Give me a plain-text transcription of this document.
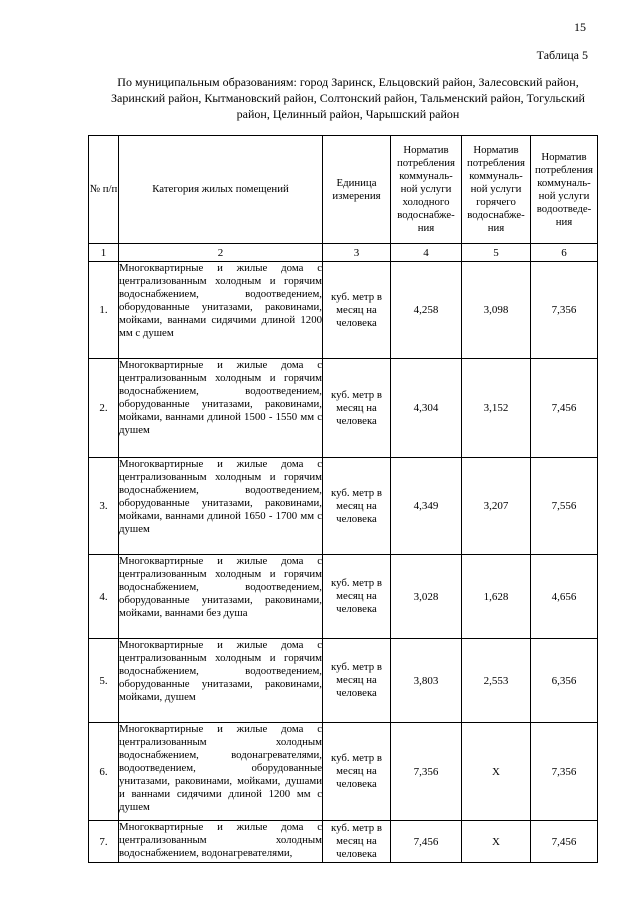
15
Таблица 5
По муниципальным образованиям: город Заринск, Ельцовский район, Залесовский район, Заринский район, Кытмановский район, Солтонский район, Тальменский район, Тогульский район, Целинный район, Чарышский район
№ п/п	Категория жилых помещений	Единица измерения	Норматив потребления коммуналь-ной услуги холодного водоснабже-ния	Норматив потребления коммуналь-ной услуги горячего водоснабже-ния	Норматив потребления коммуналь-ной услуги водоотведе-ния
1	2	3	4	5	6
1.	Многоквартирные и жилые дома с централизованным холодным и горячим водоснабжением, водоотведением, оборудованные унитазами, раковинами, мойками, ваннами сидячими длиной 1200 мм с душем	куб. метр в месяц на человека	4,258	3,098	7,356
2.	Многоквартирные и жилые дома с централизованным холодным и горячим водоснабжением, водоотведением, оборудованные унитазами, раковинами, мойками, ваннами длиной 1500 - 1550 мм с душем	куб. метр в месяц на человека	4,304	3,152	7,456
3.	Многоквартирные и жилые дома с централизованным холодным и горячим водоснабжением, водоотведением, оборудованные унитазами, раковинами, мойками, ваннами длиной 1650 - 1700 мм с душем	куб. метр в месяц на человека	4,349	3,207	7,556
4.	Многоквартирные и жилые дома с централизованным холодным и горячим водоснабжением, водоотведением, оборудованные унитазами, раковинами, мойками, ваннами без душа	куб. метр в месяц на человека	3,028	1,628	4,656
5.	Многоквартирные и жилые дома с централизованным холодным и горячим водоснабжением, водоотведением, оборудованные унитазами, раковинами, мойками, душем	куб. метр в месяц на человека	3,803	2,553	6,356
6.	Многоквартирные и жилые дома с централизованным холодным водоснабжением, водонагревателями, водоотведением, оборудованные унитазами, раковинами, мойками, душами и ваннами сидячими длиной 1200 мм с душем	куб. метр в месяц на человека	7,356	X	7,356
7.	Многоквартирные и жилые дома с централизованным холодным водоснабжением, водонагревателями,	куб. метр в месяц на человека	7,456	X	7,456
